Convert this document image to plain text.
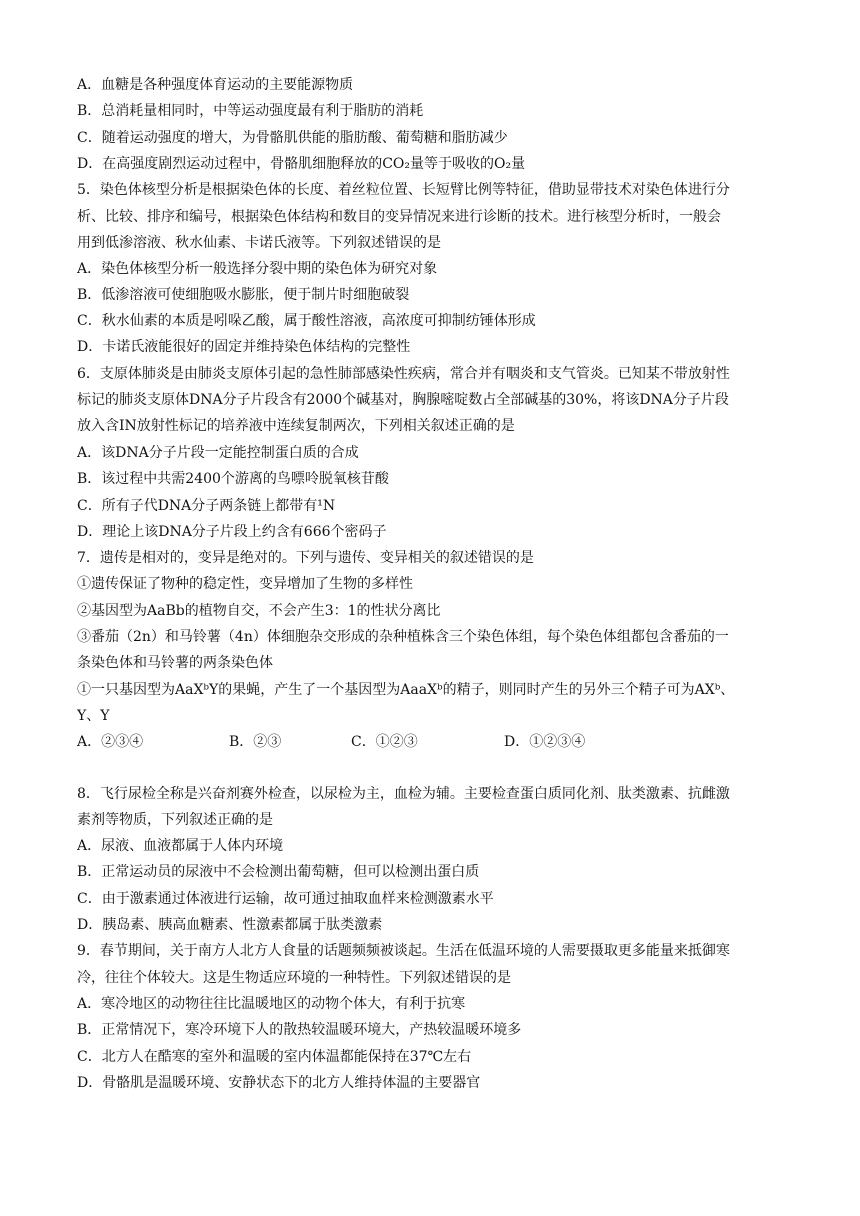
A．血糖是各种强度体育运动的主要能源物质
B．总消耗量相同时，中等运动强度最有利于脂肪的消耗
C．随着运动强度的增大，为骨骼肌供能的脂肪酸、葡萄糖和脂肪减少
D．在高强度剧烈运动过程中，骨骼肌细胞释放的CO₂量等于吸收的O₂量
5．染色体核型分析是根据染色体的长度、着丝粒位置、长短臂比例等特征，借助显带技术对染色体进行分
析、比较、排序和编号，根据染色体结构和数目的变异情况来进行诊断的技术。进行核型分析时，一般会
用到低渗溶液、秋水仙素、卡诺氏液等。下列叙述错误的是
A．染色体核型分析一般选择分裂中期的染色体为研究对象
B．低渗溶液可使细胞吸水膨胀，便于制片时细胞破裂
C．秋水仙素的本质是吲哚乙酸，属于酸性溶液，高浓度可抑制纺锤体形成
D．卡诺氏液能很好的固定并维持染色体结构的完整性
6．支原体肺炎是由肺炎支原体引起的急性肺部感染性疾病，常合并有咽炎和支气管炎。已知某不带放射性
标记的肺炎支原体DNA分子片段含有2000个碱基对，胸腺嘧啶数占全部碱基的30%，将该DNA分子片段
放入含IN放射性标记的培养液中连续复制两次，下列相关叙述正确的是
A．该DNA分子片段一定能控制蛋白质的合成
B．该过程中共需2400个游离的鸟嘌呤脱氧核苷酸
C．所有子代DNA分子两条链上都带有¹N
D．理论上该DNA分子片段上约含有666个密码子
7．遗传是相对的，变异是绝对的。下列与遗传、变异相关的叙述错误的是
①遗传保证了物种的稳定性，变异增加了生物的多样性
②基因型为AaBb的植物自交，不会产生3：1的性状分离比
③番茄（2n）和马铃薯（4n）体细胞杂交形成的杂种植株含三个染色体组，每个染色体组都包含番茄的一
条染色体和马铃薯的两条染色体
①一只基因型为AaXᵇY的果蝇，产生了一个基因型为AaaXᵇ的精子，则同时产生的另外三个精子可为AXᵇ、
Y、Y
8．飞行尿检全称是兴奋剂赛外检查，以尿检为主，血检为辅。主要检查蛋白质同化剂、肽类激素、抗雌激
素剂等物质，下列叙述正确的是
A．尿液、血液都属于人体内环境
B．正常运动员的尿液中不会检测出葡萄糖，但可以检测出蛋白质
C．由于激素通过体液进行运输，故可通过抽取血样来检测激素水平
D．胰岛素、胰高血糖素、性激素都属于肽类激素
9．春节期间，关于南方人北方人食量的话题频频被谈起。生活在低温环境的人需要摄取更多能量来抵御寒
冷，往往个体较大。这是生物适应环境的一种特性。下列叙述错误的是
A．寒冷地区的动物往往比温暖地区的动物个体大，有利于抗寒
B．正常情况下，寒冷环境下人的散热较温暖环境大，产热较温暖环境多
C．北方人在酷寒的室外和温暖的室内体温都能保持在37℃左右
D．骨骼肌是温暖环境、安静状态下的北方人维持体温的主要器官
A．②③④	B．②③	C．①②③	D．①②③④
